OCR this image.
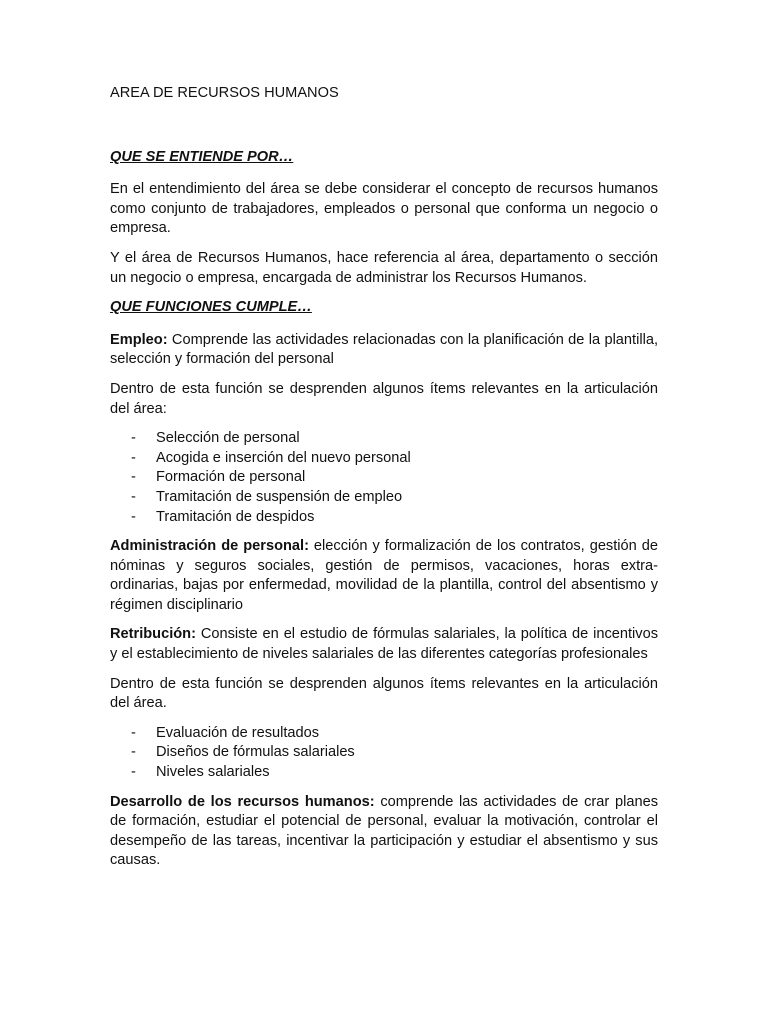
AREA DE RECURSOS HUMANOS
QUE SE ENTIENDE POR…

En el entendimiento del área se debe considerar el concepto de recursos humanos como conjunto de trabajadores, empleados o personal que conforma un negocio o empresa.

Y el área de Recursos Humanos, hace referencia al área, departamento o sección un negocio o empresa, encargada de administrar los Recursos Humanos.

QUE FUNCIONES CUMPLE…

Empleo: Comprende las actividades relacionadas con la planificación de la plantilla, selección y formación del personal

Dentro de esta función se desprenden algunos ítems relevantes en la articulación del área:

- Selección de personal
- Acogida e inserción del nuevo personal
- Formación de personal
- Tramitación de suspensión de empleo
- Tramitación de despidos

Administración de personal: elección y formalización de los contratos, gestión de nóminas y seguros sociales, gestión de permisos, vacaciones, horas extra-ordinarias, bajas por enfermedad, movilidad de la plantilla, control del absentismo y régimen disciplinario

Retribución: Consiste en el estudio de fórmulas salariales, la política de incentivos y el establecimiento de niveles salariales de las diferentes categorías profesionales

Dentro de esta función se desprenden algunos ítems relevantes en la articulación del área.

- Evaluación de resultados
- Diseños de fórmulas salariales
- Niveles salariales

Desarrollo de los recursos humanos: comprende las actividades de crar planes de formación, estudiar el potencial de personal, evaluar la motivación, controlar el desempeño de las tareas, incentivar la participación y estudiar el absentismo y sus causas.
